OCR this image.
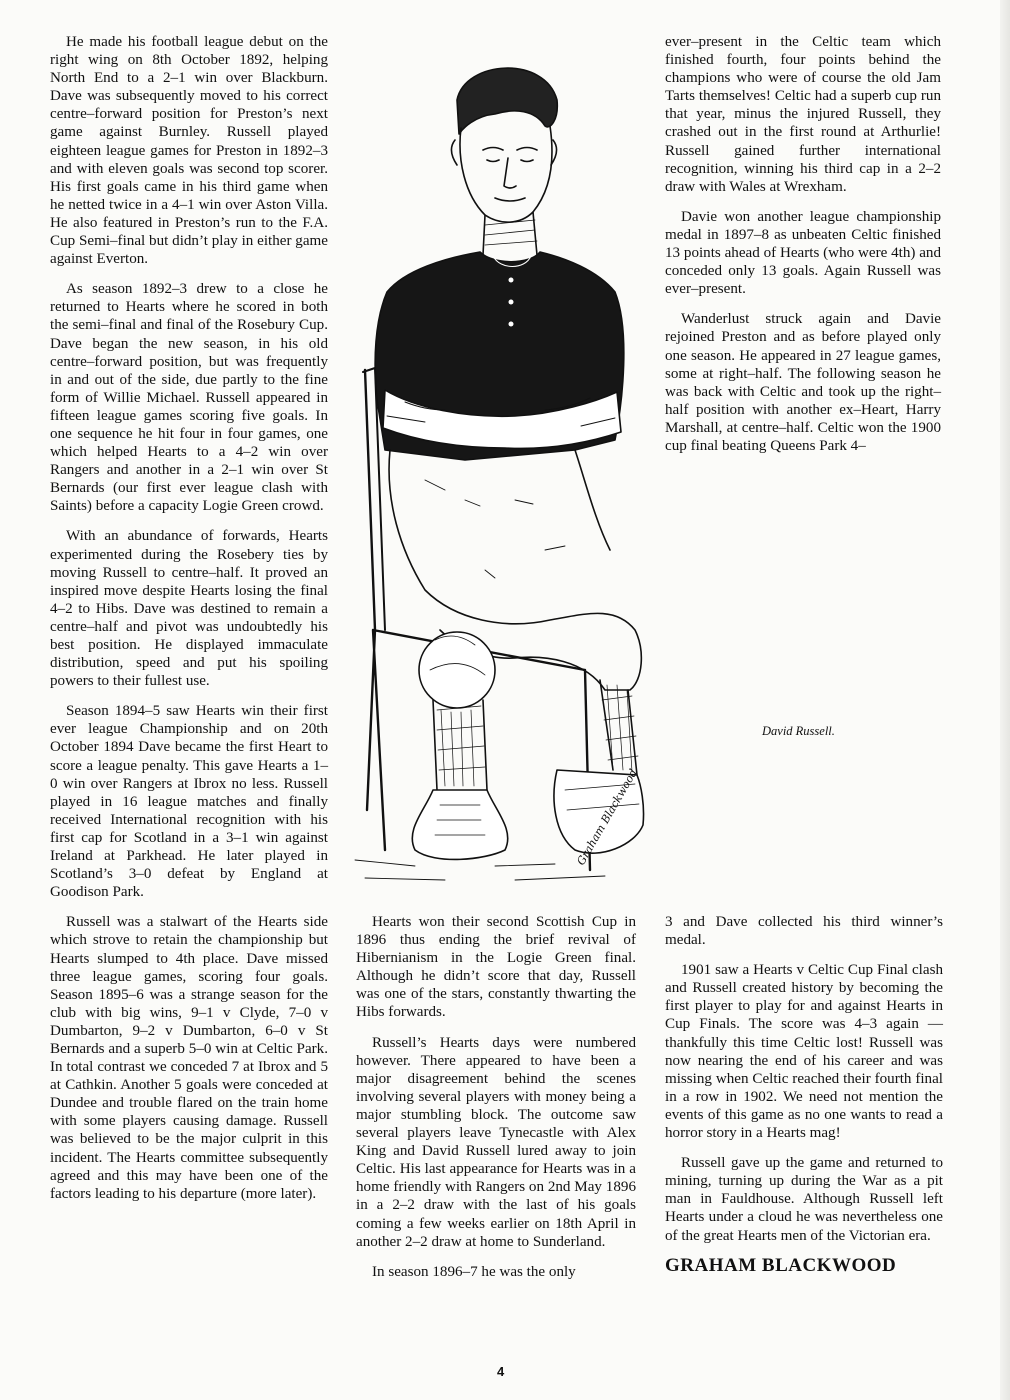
He made his football league debut on the right wing on 8th October 1892, helping North End to a 2–1 win over Blackburn. Dave was subsequently moved to his correct centre–forward position for Preston’s next game against Burnley. Russell played eighteen league games for Preston in 1892–3 and with eleven goals was second top scorer. His first goals came in his third game when he netted twice in a 4–1 win over Aston Villa. He also featured in Preston’s run to the F.A. Cup Semi–final but didn’t play in either game against Everton.

As season 1892–3 drew to a close he returned to Hearts where he scored in both the semi–final and final of the Rosebury Cup. Dave began the new season, in his old centre–forward position, but was frequently in and out of the side, due partly to the fine form of Willie Michael. Russell appeared in fifteen league games scoring five goals. In one sequence he hit four in four games, one which helped Hearts to a 4–2 win over Rangers and another in a 2–1 win over St Bernards (our first ever league clash with Saints) before a capacity Logie Green crowd.

With an abundance of forwards, Hearts experimented during the Rosebery ties by moving Russell to centre–half. It proved an inspired move despite Hearts losing the final 4–2 to Hibs. Dave was destined to remain a centre–half and pivot was undoubtedly his best position. He displayed immaculate distribution, speed and put his spoiling powers to their fullest use.

Season 1894–5 saw Hearts win their first ever league Championship and on 20th October 1894 Dave became the first Heart to score a league penalty. This gave Hearts a 1–0 win over Rangers at Ibrox no less. Russell played in 16 league matches and finally received International recognition with his first cap for Scotland in a 3–1 win against Ireland at Parkhead. He later played in Scotland’s 3–0 defeat by England at Goodison Park.

Russell was a stalwart of the Hearts side which strove to retain the championship but Hearts slumped to 4th place. Dave missed three league games, scoring four goals. Season 1895–6 was a strange season for the club with big wins, 9–1 v Clyde, 7–0 v Dumbarton, 9–2 v Dumbarton, 6–0 v St Bernards and a superb 5–0 win at Celtic Park. In total contrast we conceded 7 at Ibrox and 5 at Cathkin. Another 5 goals were conceded at Dundee and trouble flared on the train home with some players causing damage. Russell was believed to be the major culprit in this incident. The Hearts committee subsequently agreed and this may have been one of the factors leading to his departure (more later).

Graham Blackwood
David Russell.

ever–present in the Celtic team which finished fourth, four points behind the champions who were of course the old Jam Tarts themselves! Celtic had a superb cup run that year, minus the injured Russell, they crashed out in the first round at Arthurlie! Russell gained further international recognition, winning his third cap in a 2–2 draw with Wales at Wrexham.

Davie won another league championship medal in 1897–8 as unbeaten Celtic finished 13 points ahead of Hearts (who were 4th) and conceded only 13 goals. Again Russell was ever–present.

Wanderlust struck again and Davie rejoined Preston and as before played only one season. He appeared in 27 league games, some at right–half. The following season he was back with Celtic and took up the right–half position with another ex–Heart, Harry Marshall, at centre–half. Celtic won the 1900 cup final beating Queens Park 4–

Hearts won their second Scottish Cup in 1896 thus ending the brief revival of Hibernianism in the Logie Green final. Although he didn’t score that day, Russell was one of the stars, constantly thwarting the Hibs forwards.

Russell’s Hearts days were numbered however. There appeared to have been a major disagreement behind the scenes involving several players with money being a major stumbling block. The outcome saw several players leave Tynecastle with Alex King and David Russell lured away to join Celtic. His last appearance for Hearts was in a home friendly with Rangers on 2nd May 1896 in a 2–2 draw with the last of his goals coming a few weeks earlier on 18th April in another 2–2 draw at home to Sunderland.

In season 1896–7 he was the only

3 and Dave collected his third winner’s medal.

1901 saw a Hearts v Celtic Cup Final clash and Russell created history by becoming the first player to play for and against Hearts in Cup Finals. The score was 4–3 again — thankfully this time Celtic lost! Russell was now nearing the end of his career and was missing when Celtic reached their fourth final in a row in 1902. We need not mention the events of this game as no one wants to read a horror story in a Hearts mag!

Russell gave up the game and returned to mining, turning up during the War as a pit man in Fauldhouse. Although Russell left Hearts under a cloud he was nevertheless one of the great Hearts men of the Victorian era.

GRAHAM BLACKWOOD

4
